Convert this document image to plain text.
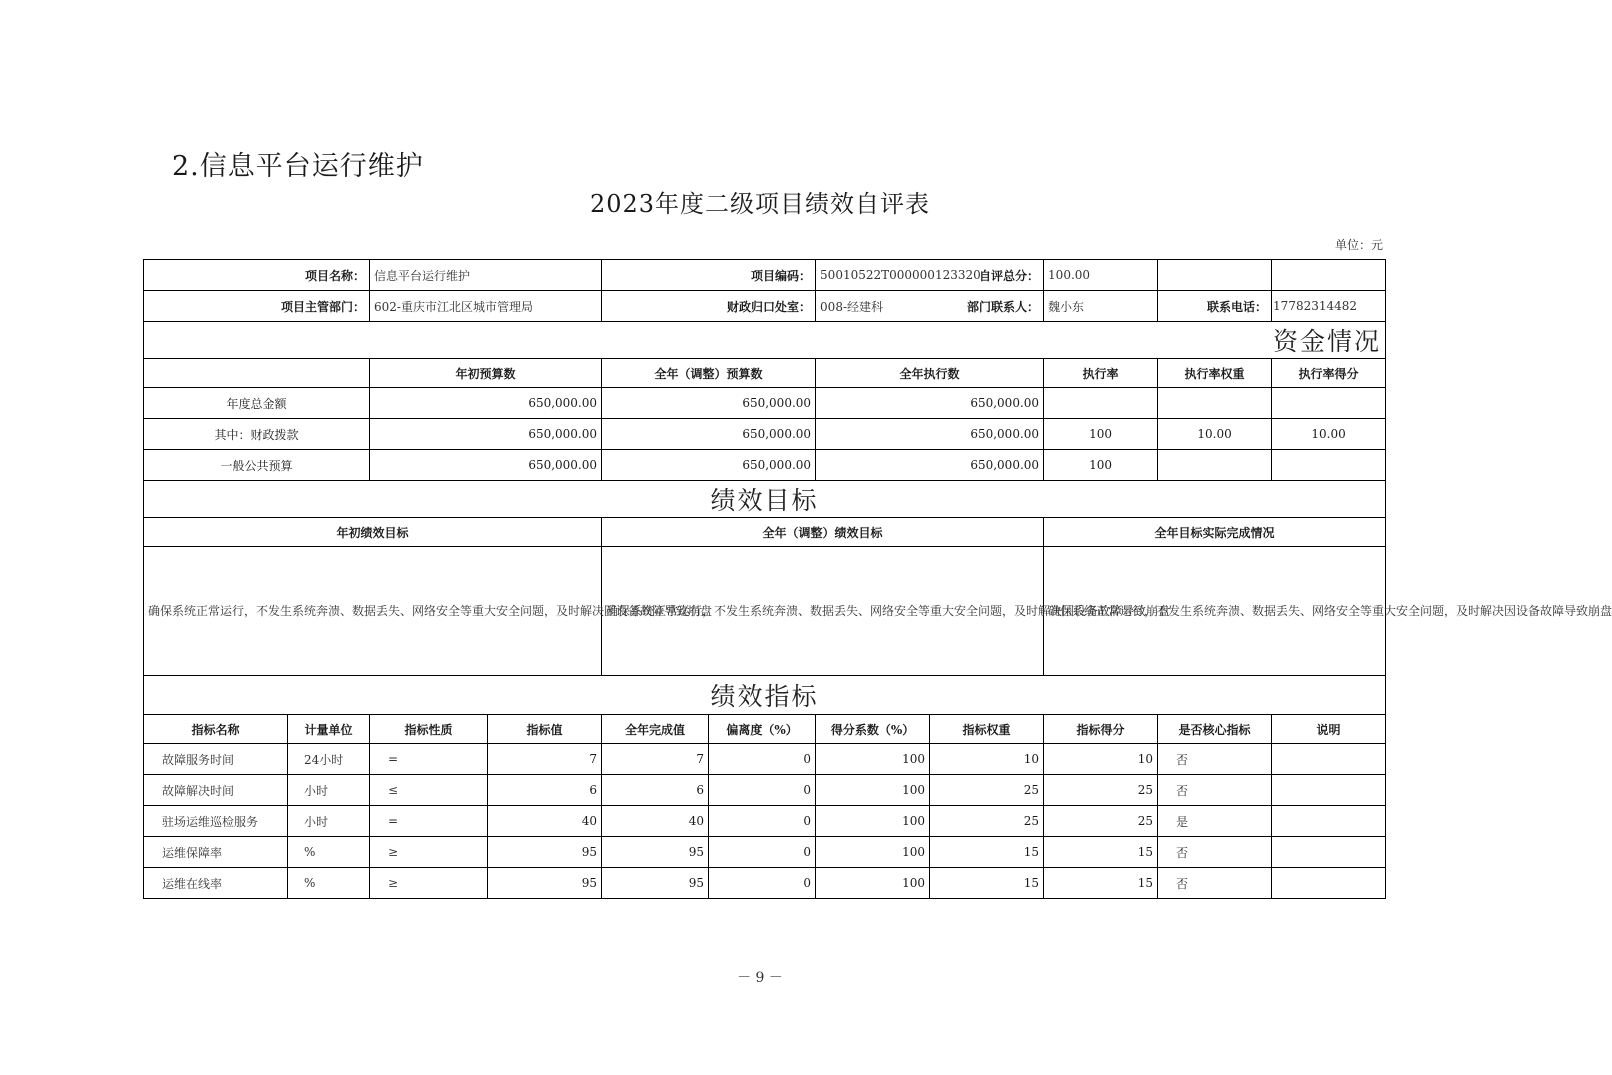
2.信息平台运行维护
2023年度二级项目绩效自评表
单位：元
项目名称：		信息平台运行维护		项目编码：		50010522T000000123320	自评总分：	100.00		
项目主管部门：		602-重庆市江北区城市管理局		财政归口处室：		008-经建科	部门联系人：	魏小东	联系电话：	17782314482
资金情况										
		年初预算数		全年（调整）预算数		全年执行数		执行率	执行率权重	执行率得分
年度总金额		650,000.00		650,000.00		650,000.00				
其中：财政拨款		650,000.00		650,000.00		650,000.00		100	10.00	10.00
一般公共预算		650,000.00		650,000.00		650,000.00		100		
绩效目标										
年初绩效目标				全年（调整）绩效目标				全年目标实际完成情况		
确保系统正常运行，不发生系统奔溃、数据丢失、网络安全等重大安全问题，及时解决因设备故障导致崩盘				确保系统正常运行，不发生系统奔溃、数据丢失、网络安全等重大安全问题，及时解决因设备故障导致崩盘				确保系统正常运行，不发生系统奔溃、数据丢失、网络安全等重大安全问题，及时解决因设备故障导致崩盘		
绩效指标										
指标名称	计量单位	指标性质	指标值	全年完成值	偏离度（%）	得分系数（%）	指标权重	指标得分	是否核心指标	说明
故障服务时间	24小时	=	7	7	0	100	10	10	否	
故障解决时间	小时	≤	6	6	0	100	25	25	否	
驻场运维巡检服务	小时	=	40	40	0	100	25	25	是	
运维保障率	%	≥	95	95	0	100	15	15	否	
运维在线率	%	≥	95	95	0	100	15	15	否	
－ 9 －
